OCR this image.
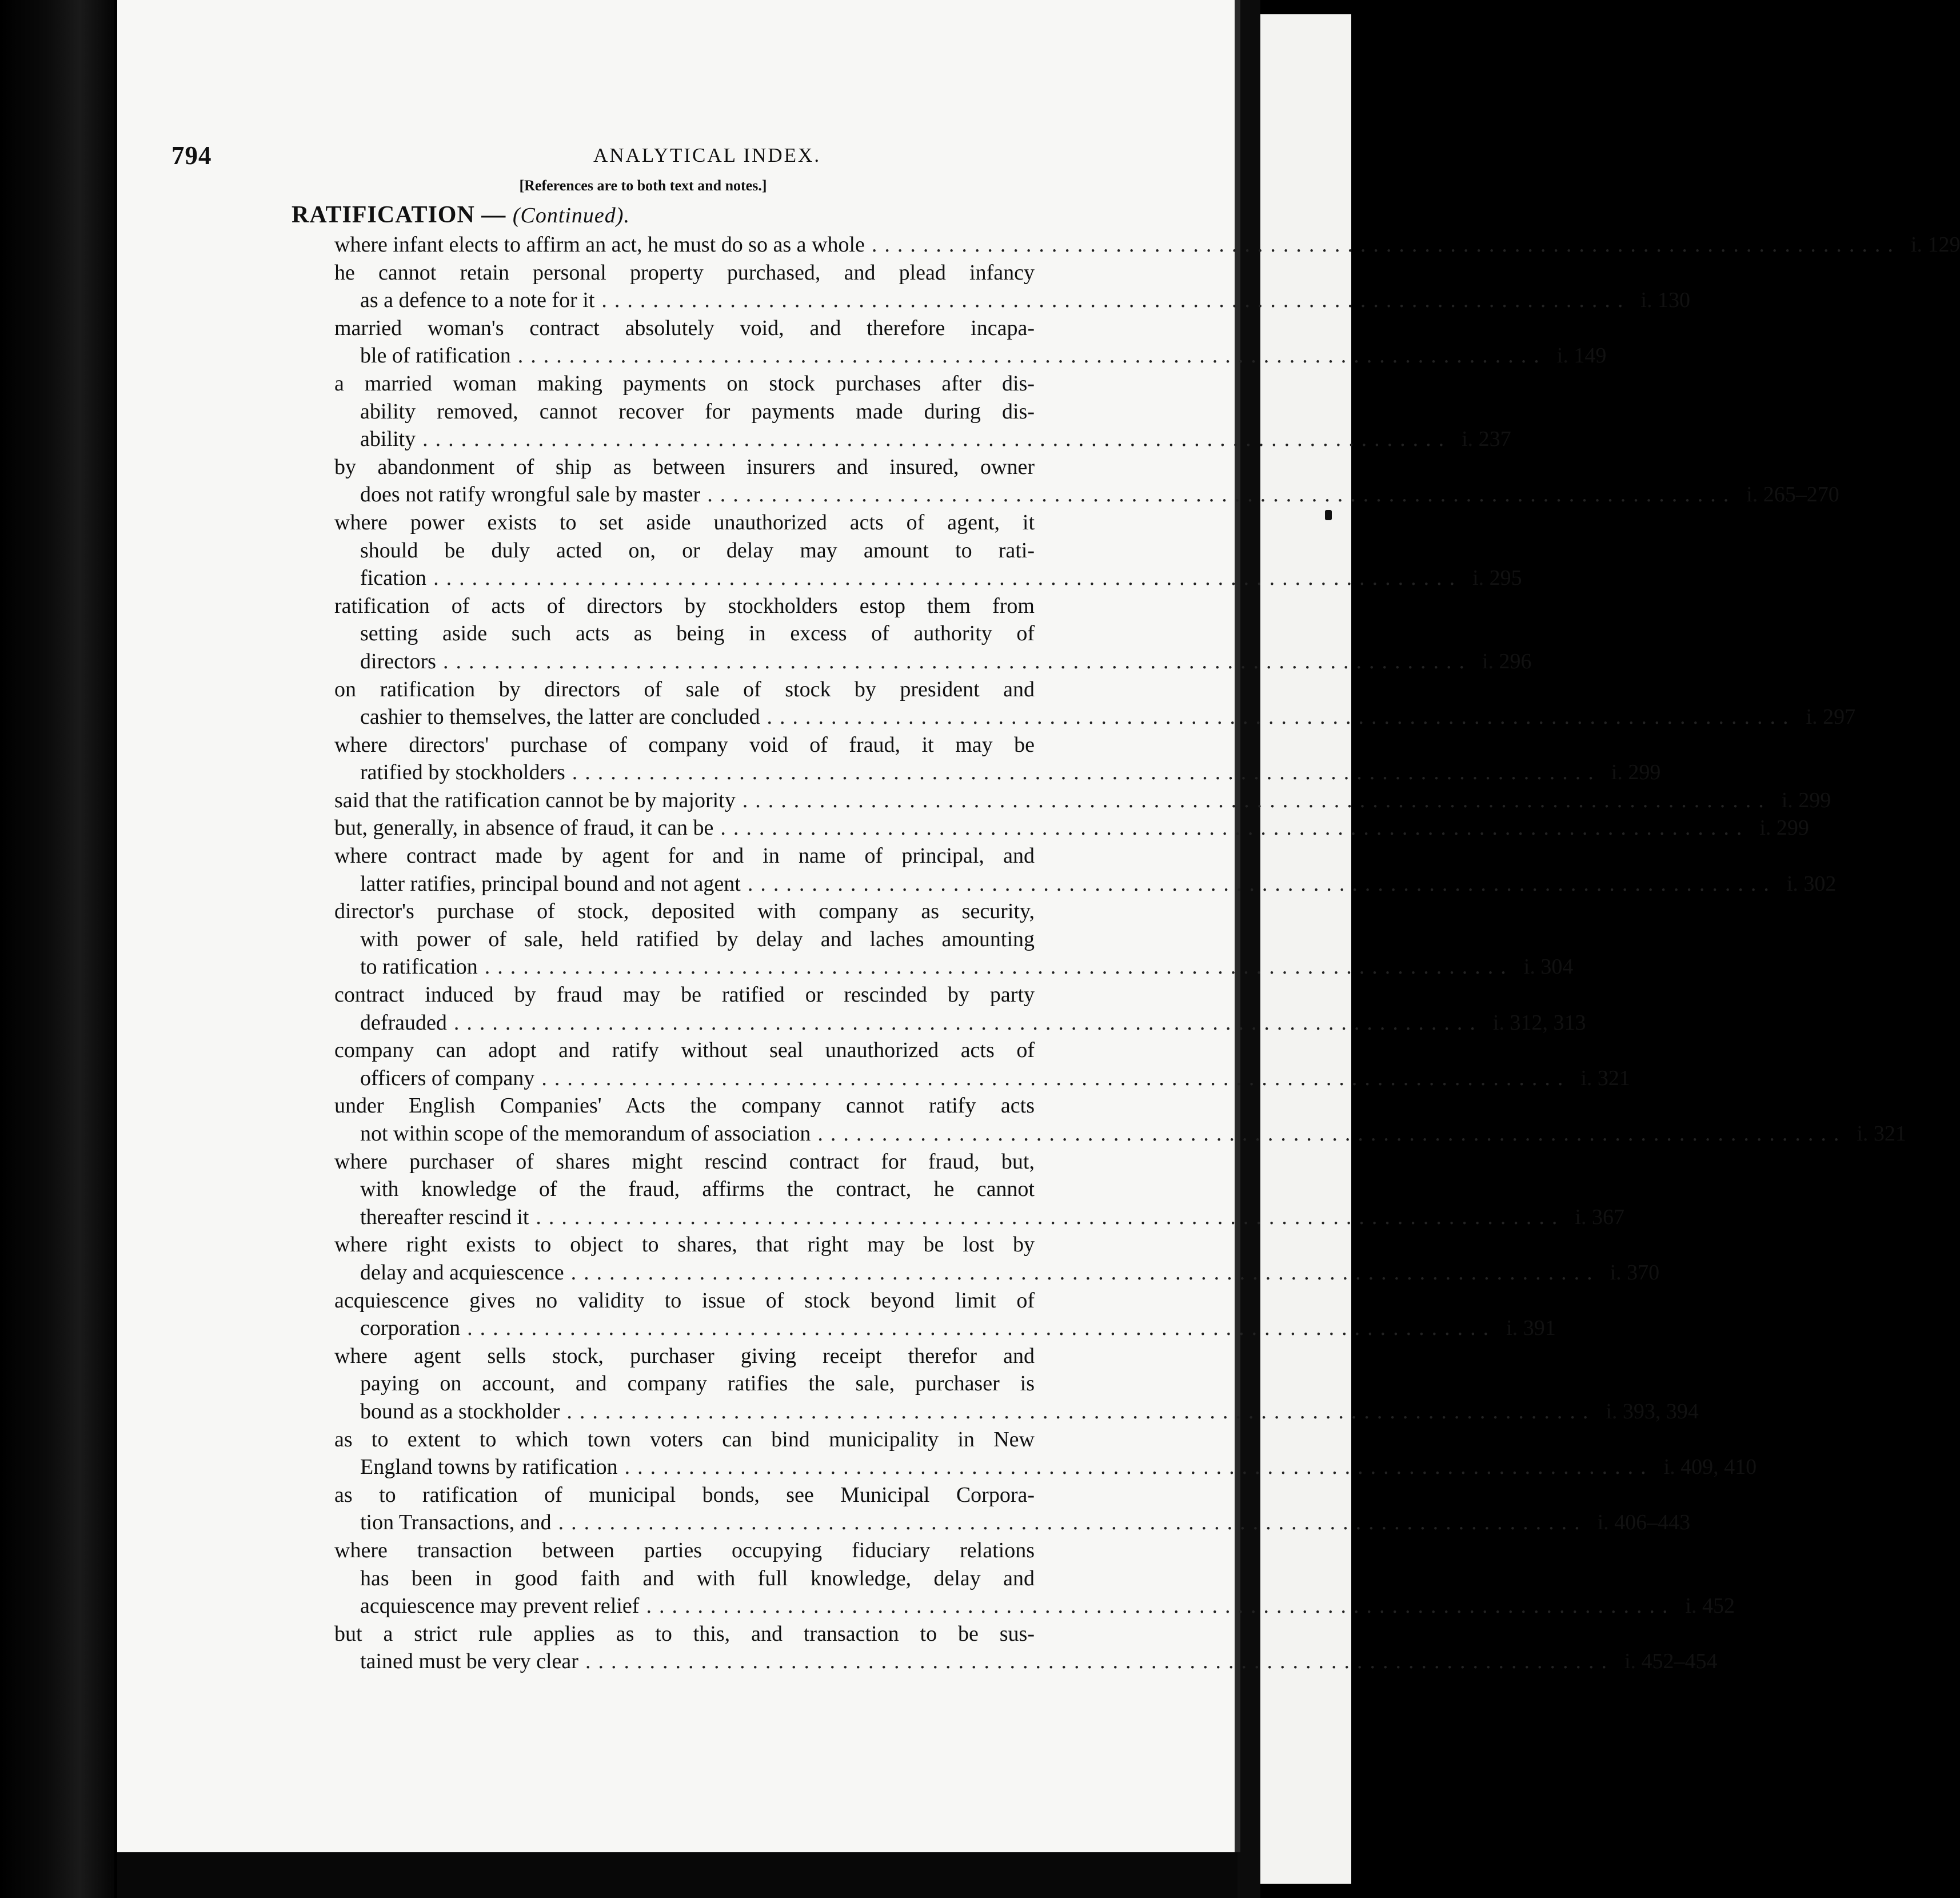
794	ANALYTICAL INDEX.
[References are to both text and notes.]
RATIFICATION — (Continued).
where infant elects to affirm an act, he must do so as a whole ................................................................................ i. 129
he cannot retain personal property purchased, and plead infancy
as a defence to a note for it ................................................................................ i. 130
married woman's contract absolutely void, and therefore incapa-
ble of ratification ................................................................................ i. 149
a married woman making payments on stock purchases after dis-
ability removed, cannot recover for payments made during dis-
ability ................................................................................ i. 237
by abandonment of ship as between insurers and insured, owner
does not ratify wrongful sale by master ................................................................................ i. 265–270
where power exists to set aside unauthorized acts of agent, it
should be duly acted on, or delay may amount to rati-
fication ................................................................................ i. 295
ratification of acts of directors by stockholders estop them from
setting aside such acts as being in excess of authority of
directors ................................................................................ i. 296
on ratification by directors of sale of stock by president and
cashier to themselves, the latter are concluded ................................................................................ i. 297
where directors' purchase of company void of fraud, it may be
ratified by stockholders ................................................................................ i. 299
said that the ratification cannot be by majority ................................................................................ i. 299
but, generally, in absence of fraud, it can be ................................................................................ i. 299
where contract made by agent for and in name of principal, and
latter ratifies, principal bound and not agent ................................................................................ i. 302
director's purchase of stock, deposited with company as security,
with power of sale, held ratified by delay and laches amounting
to ratification ................................................................................ i. 304
contract induced by fraud may be ratified or rescinded by party
defrauded ................................................................................ i. 312, 313
company can adopt and ratify without seal unauthorized acts of
officers of company ................................................................................ i. 321
under English Companies' Acts the company cannot ratify acts
not within scope of the memorandum of association ................................................................................ i. 321
where purchaser of shares might rescind contract for fraud, but,
with knowledge of the fraud, affirms the contract, he cannot
thereafter rescind it ................................................................................ i. 367
where right exists to object to shares, that right may be lost by
delay and acquiescence ................................................................................ i. 370
acquiescence gives no validity to issue of stock beyond limit of
corporation ................................................................................ i. 391
where agent sells stock, purchaser giving receipt therefor and
paying on account, and company ratifies the sale, purchaser is
bound as a stockholder ................................................................................ i. 393, 394
as to extent to which town voters can bind municipality in New
England towns by ratification ................................................................................ i. 409, 410
as to ratification of municipal bonds, see Municipal Corpora-
tion Transactions, and ................................................................................ i. 406–443
where transaction between parties occupying fiduciary relations
has been in good faith and with full knowledge, delay and
acquiescence may prevent relief ................................................................................ i. 452
but a strict rule applies as to this, and transaction to be sus-
tained must be very clear ................................................................................ i. 452–454
